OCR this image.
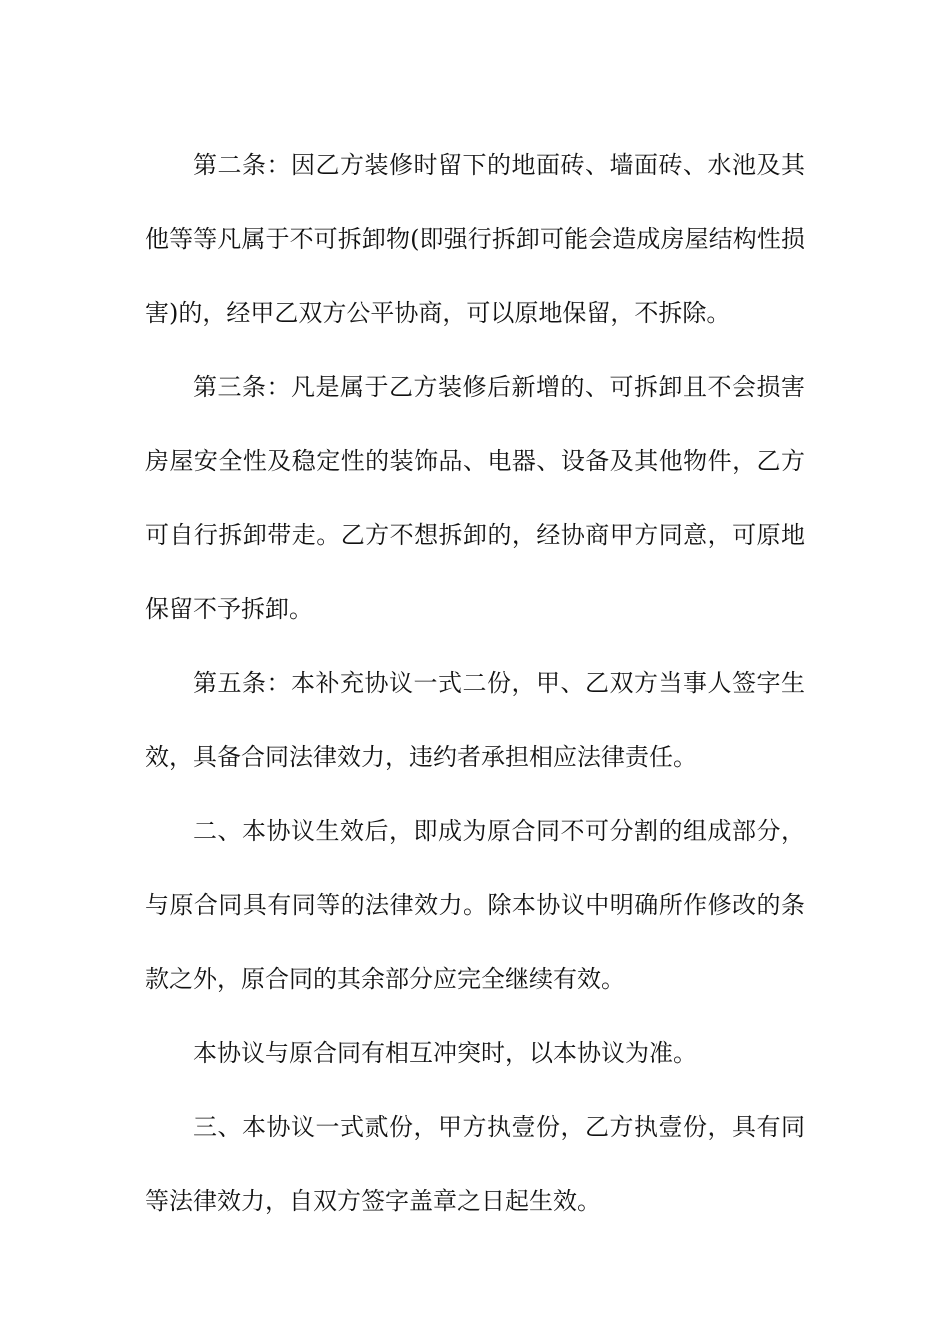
第二条：因乙方装修时留下的地面砖、墙面砖、水池及其他等等凡属于不可拆卸物(即强行拆卸可能会造成房屋结构性损害)的，经甲乙双方公平协商，可以原地保留，不拆除。

第三条：凡是属于乙方装修后新增的、可拆卸且不会损害房屋安全性及稳定性的装饰品、电器、设备及其他物件，乙方可自行拆卸带走。乙方不想拆卸的，经协商甲方同意，可原地保留不予拆卸。

第五条：本补充协议一式二份，甲、乙双方当事人签字生效，具备合同法律效力，违约者承担相应法律责任。

二、本协议生效后，即成为原合同不可分割的组成部分，与原合同具有同等的法律效力。除本协议中明确所作修改的条款之外，原合同的其余部分应完全继续有效。

本协议与原合同有相互冲突时，以本协议为准。

三、本协议一式贰份，甲方执壹份，乙方执壹份，具有同等法律效力，自双方签字盖章之日起生效。
